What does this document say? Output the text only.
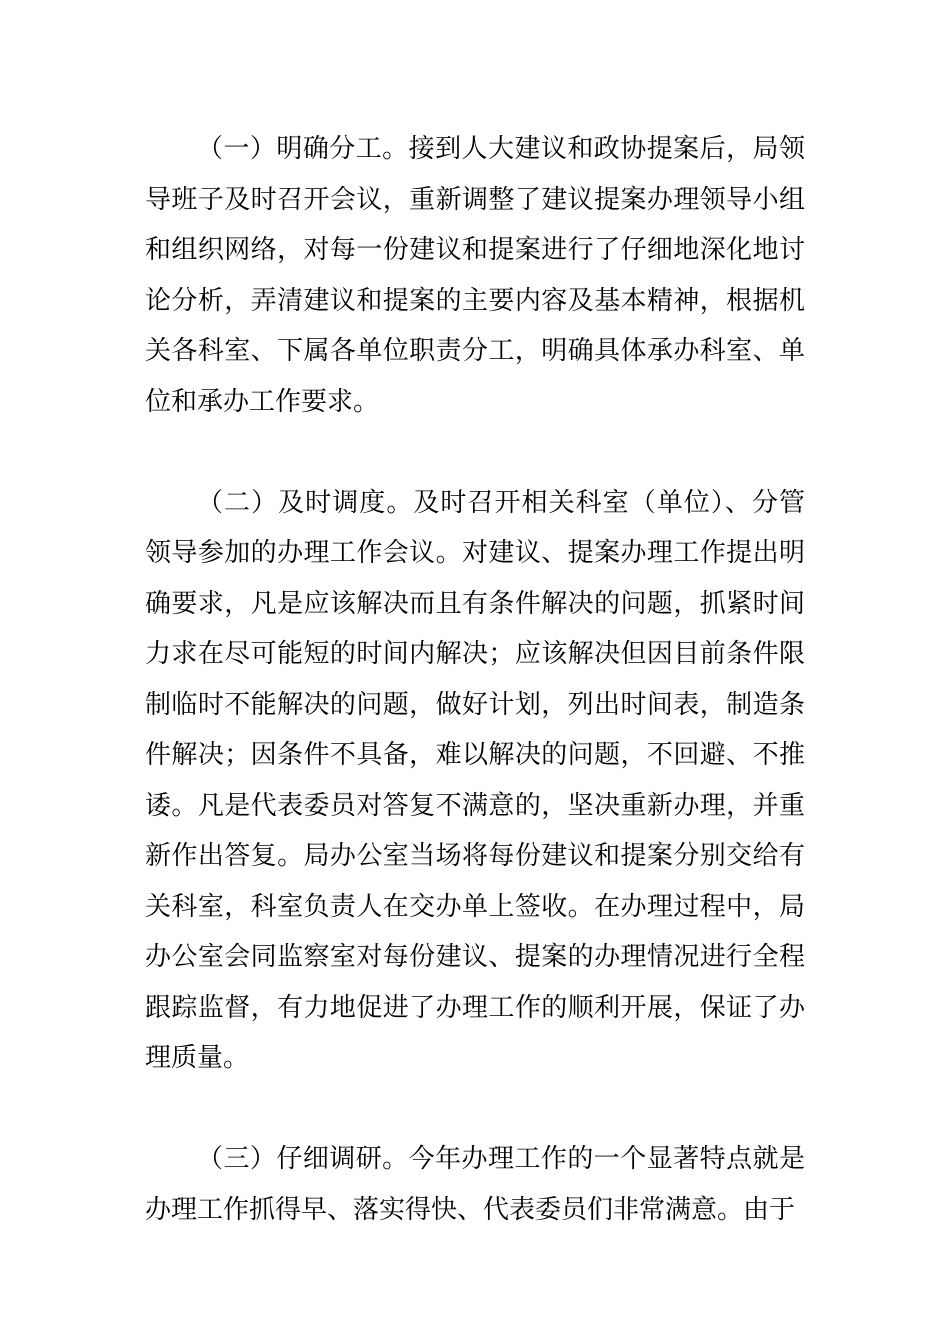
（一）明确分工。接到人大建议和政协提案后，局领导班子及时召开会议，重新调整了建议提案办理领导小组和组织网络，对每一份建议和提案进行了仔细地深化地讨论分析，弄清建议和提案的主要内容及基本精神，根据机关各科室、下属各单位职责分工，明确具体承办科室、单位和承办工作要求。

（二）及时调度。及时召开相关科室（单位）、分管领导参加的办理工作会议。对建议、提案办理工作提出明确要求，凡是应该解决而且有条件解决的问题，抓紧时间力求在尽可能短的时间内解决；应该解决但因目前条件限制临时不能解决的问题，做好计划，列出时间表，制造条件解决；因条件不具备，难以解决的问题，不回避、不推诿。凡是代表委员对答复不满意的，坚决重新办理，并重新作出答复。局办公室当场将每份建议和提案分别交给有关科室，科室负责人在交办单上签收。在办理过程中，局办公室会同监察室对每份建议、提案的办理情况进行全程跟踪监督，有力地促进了办理工作的顺利开展，保证了办理质量。

（三）仔细调研。今年办理工作的一个显著特点就是办理工作抓得早、落实得快、代表委员们非常满意。由于
